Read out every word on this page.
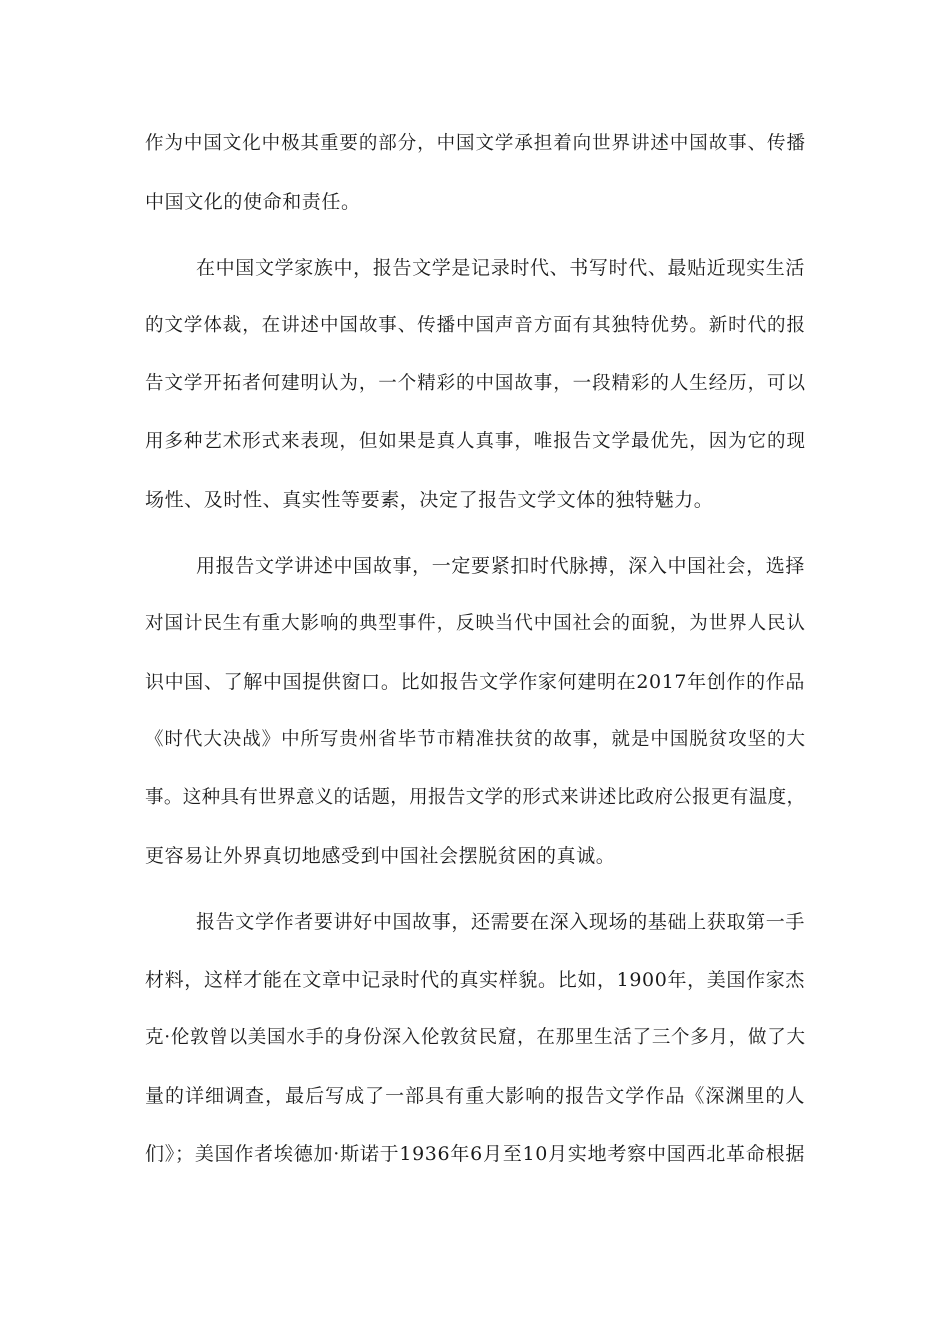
作为中国文化中极其重要的部分，中国文学承担着向世界讲述中国故事、传播
中国文化的使命和责任。
在中国文学家族中，报告文学是记录时代、书写时代、最贴近现实生活
的文学体裁，在讲述中国故事、传播中国声音方面有其独特优势。新时代的报
告文学开拓者何建明认为，一个精彩的中国故事，一段精彩的人生经历，可以
用多种艺术形式来表现，但如果是真人真事，唯报告文学最优先，因为它的现
场性、及时性、真实性等要素，决定了报告文学文体的独特魅力。
用报告文学讲述中国故事，一定要紧扣时代脉搏，深入中国社会，选择
对国计民生有重大影响的典型事件，反映当代中国社会的面貌，为世界人民认
识中国、了解中国提供窗口。比如报告文学作家何建明在2017年创作的作品
《时代大决战》中所写贵州省毕节市精准扶贫的故事，就是中国脱贫攻坚的大
事。这种具有世界意义的话题，用报告文学的形式来讲述比政府公报更有温度，
更容易让外界真切地感受到中国社会摆脱贫困的真诚。
报告文学作者要讲好中国故事，还需要在深入现场的基础上获取第一手
材料，这样才能在文章中记录时代的真实样貌。比如，1900年，美国作家杰
克·伦敦曾以美国水手的身份深入伦敦贫民窟，在那里生活了三个多月，做了大
量的详细调查，最后写成了一部具有重大影响的报告文学作品《深渊里的人
们》；美国作者埃德加·斯诺于1936年6月至10月实地考察中国西北革命根据
